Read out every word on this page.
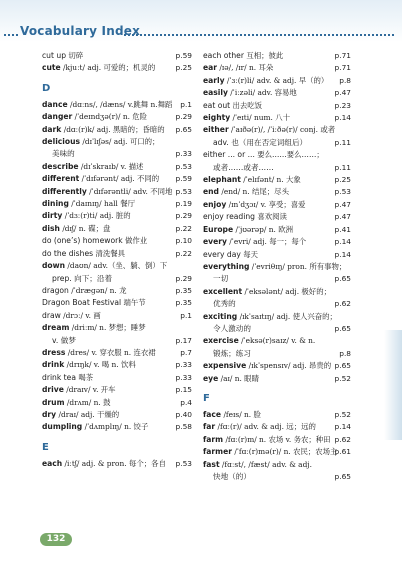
Vocabulary Index
cut up 切碎	p.59
cute /kjuːt/ adj. 可爱的；机灵的	p.25
D
dance /dɑːns/, /dæns/ v.跳舞 n.舞蹈 p.1
danger /ˈdeɪndʒə(r)/ n. 危险	p.29
dark /dɑː(r)k/ adj. 黑暗的；昏暗的 p.65
delicious /dɪˈlɪʃəs/ adj. 可口的；
美味的	p.33
describe /dɪˈskraɪb/ v. 描述	p.53
different /ˈdɪfərənt/ adj. 不同的 p.59
differently /ˈdɪfərəntli/ adv. 不同地 p.53
dining /ˈdaɪnɪŋ/ hall 餐厅	p.19
dirty /ˈdɜː(r)ti/ adj. 脏的	p.29
dish /dɪʃ/ n. 碟；盘	p.22
do (one’s) homework 做作业	p.10
do the dishes 清洗餐具	p.22
down /daʊn/ adv.（坐、躺、倒）下
prep. 向下；沿着	p.29
dragon /ˈdræɡən/ n. 龙	p.35
Dragon Boat Festival 端午节	p.35
draw /drɔː/ v. 画	p.1
dream /driːm/ n. 梦想；睡梦
v. 做梦	p.17
dress /dres/ v. 穿衣服 n. 连衣裙	p.7
drink /drɪŋk/ v. 喝 n. 饮料	p.33
drink tea 喝茶	p.33
drive /draɪv/ v. 开车	p.15
drum /drʌm/ n. 鼓	p.4
dry /draɪ/ adj. 干燥的	p.40
dumpling /ˈdʌmplɪŋ/ n. 饺子	p.58
E
each /iːtʃ/ adj. & pron. 每个；各自 p.53
each other 互相；彼此	p.71
ear /ɪə/, /ɪr/ n. 耳朵	p.71
early /ˈɜː(r)li/ adv. & adj. 早（的） p.8
easily /ˈiːzəli/ adv. 容易地	p.47
eat out 出去吃饭	p.23
eighty /ˈeɪti/ num. 八十	p.14
either /ˈaɪðə(r)/, /ˈiːðə(r)/ conj. 或者
adv. 也（用在否定词组后）	p.11
either ... or ... 要么……要么……；
或者……或者……	p.11
elephant /ˈelɪfənt/ n. 大象	p.25
end /end/ n. 结尾；尽头	p.53
enjoy /ɪnˈdʒɔɪ/ v. 享受；喜爱	p.47
enjoy reading 喜欢阅读	p.47
Europe /ˈjʊərəp/ n. 欧洲	p.41
every /ˈevri/ adj. 每一；每个	p.14
every day 每天	p.14
everything /ˈevriθɪŋ/ pron. 所有事物；
一切	p.65
excellent /ˈeksələnt/ adj. 极好的；
优秀的	p.62
exciting /ɪkˈsaɪtɪŋ/ adj. 使人兴奋的；
令人激动的	p.65
exercise /ˈeksə(r)saɪz/ v. & n.
锻炼；练习	p.8
expensive /ɪkˈspensɪv/ adj. 昂贵的 p.65
eye /aɪ/ n. 眼睛	p.52
F
face /feɪs/ n. 脸	p.52
far /fɑː(r)/ adv. & adj. 远；远的	p.14
farm /fɑː(r)m/ n. 农场 v. 务农；种田 p.62
farmer /ˈfɑː(r)mə(r)/ n. 农民；农场主
p.61
fast /fɑːst/, /fæst/ adv. & adj.
快地（的）	p.65
132
